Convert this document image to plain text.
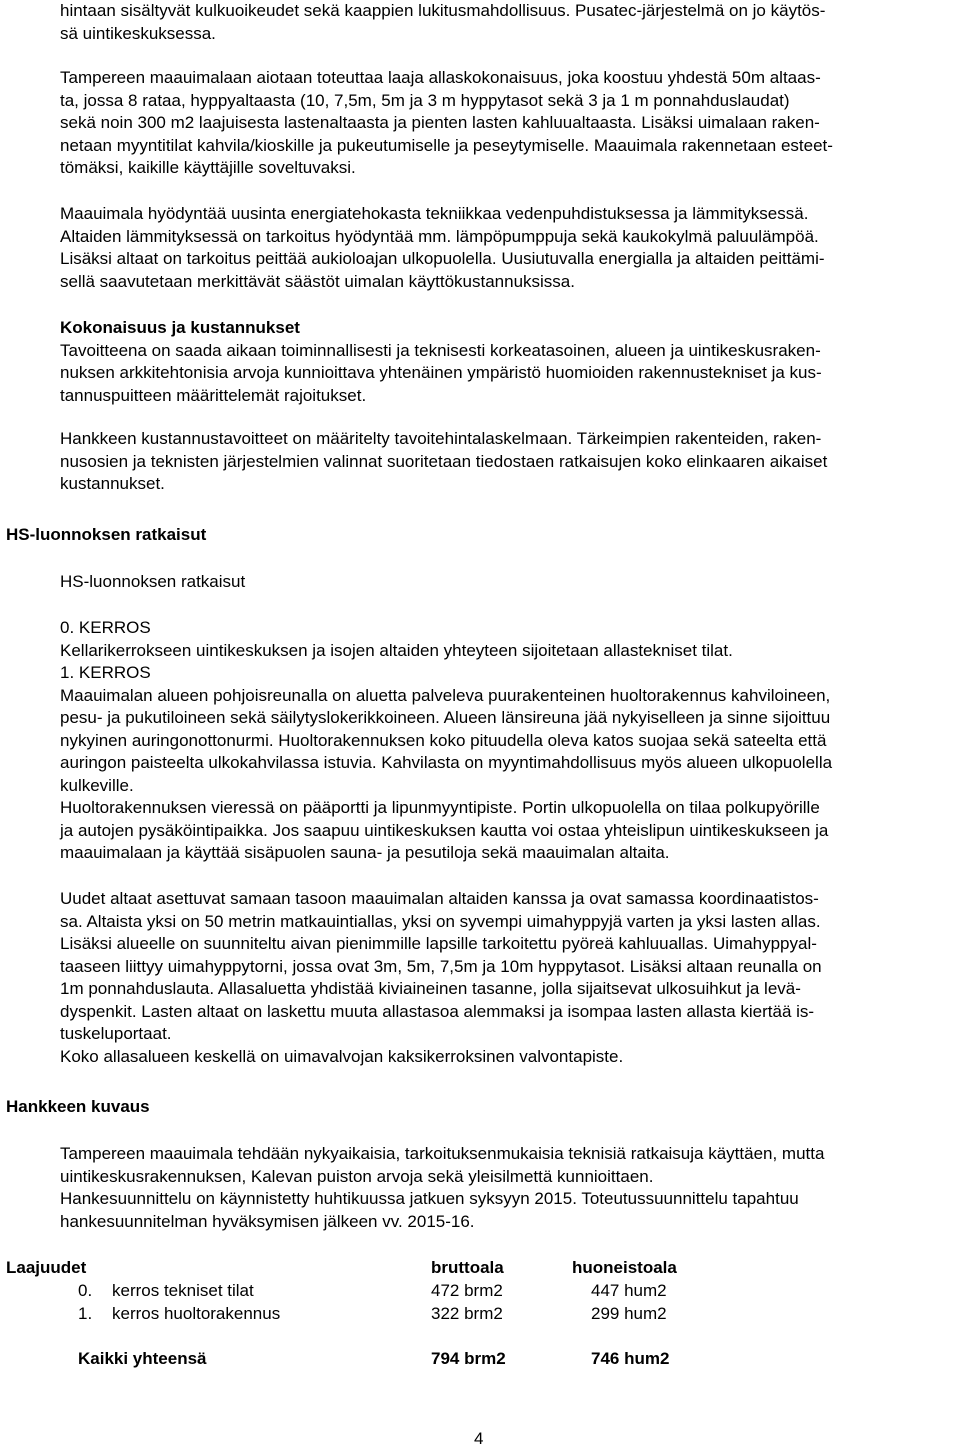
hintaan sisältyvät kulkuoikeudet sekä kaappien lukitusmahdollisuus. Pusatec-järjestelmä on jo käytös-
sä uintikeskuksessa.
Tampereen maauimalaan aiotaan toteuttaa laaja allaskokonaisuus, joka koostuu yhdestä 50m altaas-
ta, jossa 8 rataa, hyppyaltaasta (10, 7,5m, 5m ja 3 m hyppytasot sekä 3 ja 1 m ponnahduslaudat)
sekä noin 300 m2 laajuisesta lastenaltaasta ja pienten lasten kahluualtaasta. Lisäksi uimalaan raken-
netaan myyntitilat kahvila/kioskille ja pukeutumiselle ja peseytymiselle. Maauimala rakennetaan esteet-
tömäksi, kaikille käyttäjille soveltuvaksi.
Maauimala hyödyntää uusinta energiatehokasta tekniikkaa vedenpuhdistuksessa ja lämmityksessä.
Altaiden lämmityksessä on tarkoitus hyödyntää mm. lämpöpumppuja sekä kaukokylmä paluulämpöä.
Lisäksi altaat on tarkoitus peittää aukioloajan ulkopuolella. Uusiutuvalla energialla ja altaiden peittämi-
sellä saavutetaan merkittävät säästöt uimalan käyttökustannuksissa.
Kokonaisuus ja kustannukset
Tavoitteena on saada aikaan toiminnallisesti ja teknisesti korkeatasoinen, alueen ja uintikeskusraken-
nuksen arkkitehtonisia arvoja kunnioittava yhtenäinen ympäristö huomioiden rakennustekniset ja kus-
tannuspuitteen määrittelemät rajoitukset.
Hankkeen kustannustavoitteet on määritelty tavoitehintalaskelmaan. Tärkeimpien rakenteiden, raken-
nusosien ja teknisten järjestelmien valinnat suoritetaan tiedostaen ratkaisujen koko elinkaaren aikaiset
kustannukset.
HS-luonnoksen ratkaisut
HS-luonnoksen ratkaisut
0. KERROS
Kellarikerrokseen uintikeskuksen ja isojen altaiden yhteyteen sijoitetaan allastekniset tilat.
1. KERROS
Maauimalan alueen pohjoisreunalla on aluetta palveleva puurakenteinen huoltorakennus kahviloineen,
pesu- ja pukutiloineen sekä säilytyslokerikkoineen. Alueen länsireuna jää nykyiselleen ja sinne sijoittuu
nykyinen auringonottonurmi. Huoltorakennuksen koko pituudella oleva katos suojaa sekä sateelta että
auringon paisteelta ulkokahvilassa istuvia. Kahvilasta on myyntimahdollisuus myös alueen ulkopuolella
kulkeville.
Huoltorakennuksen vieressä on pääportti ja lipunmyyntipiste. Portin ulkopuolella on tilaa polkupyörille
ja autojen pysäköintipaikka. Jos saapuu uintikeskuksen kautta voi ostaa yhteislipun uintikeskukseen ja
maauimalaan ja käyttää sisäpuolen sauna- ja pesutiloja sekä maauimalan altaita.
Uudet altaat asettuvat samaan tasoon maauimalan altaiden kanssa ja ovat samassa koordinaatistos-
sa. Altaista yksi on 50 metrin matkauintiallas, yksi on syvempi uimahyppyjä varten ja yksi lasten allas.
Lisäksi alueelle on suunniteltu aivan pienimmille lapsille tarkoitettu pyöreä kahluuallas. Uimahyppyal-
taaseen liittyy uimahyppytorni, jossa ovat 3m, 5m, 7,5m ja 10m hyppytasot. Lisäksi altaan reunalla on
1m ponnahduslauta. Allasaluetta yhdistää kiviaineinen tasanne, jolla sijaitsevat ulkosuihkut ja levä-
dyspenkit. Lasten altaat on laskettu muuta allastasoa alemmaksi ja isompaa lasten allasta kiertää is-
tuskeluportaat.
Koko allasalueen keskellä on uimavalvojan kaksikerroksinen valvontapiste.
Hankkeen kuvaus
Tampereen maauimala tehdään nykyaikaisia, tarkoituksenmukaisia teknisiä ratkaisuja käyttäen, mutta
uintikeskusrakennuksen, Kalevan puiston arvoja sekä yleisilmettä kunnioittaen.
Hankesuunnittelu on käynnistetty huhtikuussa jatkuen syksyyn 2015. Toteutussuunnittelu tapahtuu
hankesuunnitelman hyväksymisen jälkeen vv. 2015-16.
Laajuudet	bruttoala	huoneistoala
0. kerros tekniset tilat	472 brm2	447 hum2
1. kerros huoltorakennus	322 brm2	299 hum2
Kaikki yhteensä	794 brm2	746 hum2
4
